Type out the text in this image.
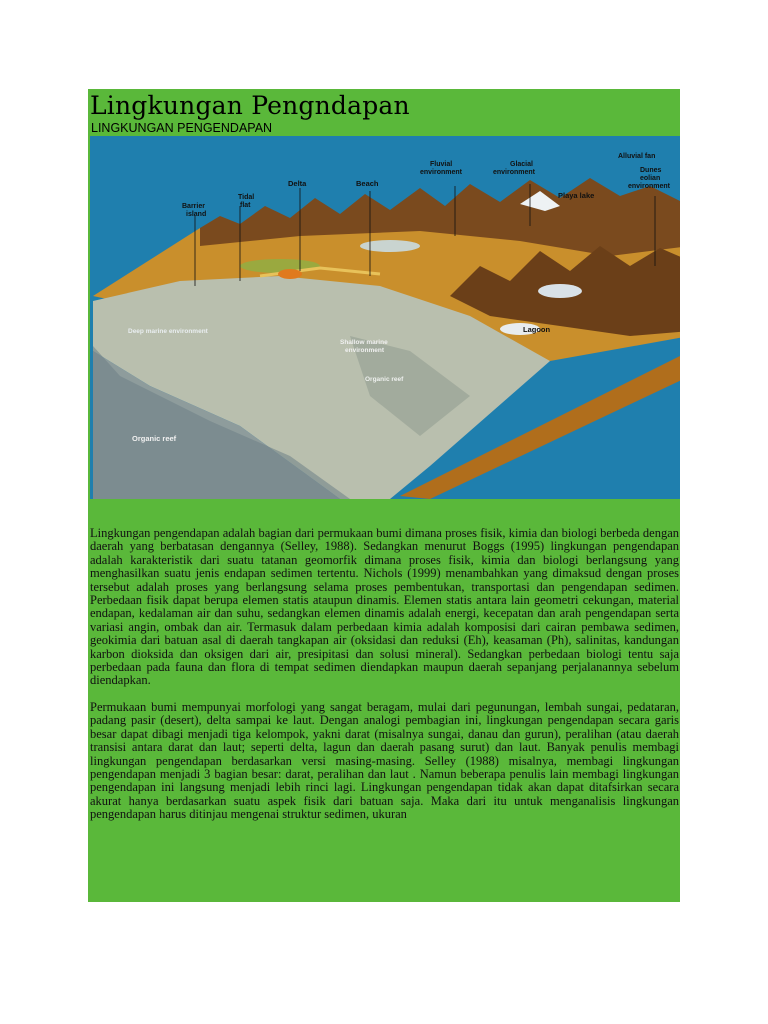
Lingkungan Pengndapan
LINGKUNGAN PENGENDAPAN
Barrier island
Tidal flat
Delta	Beach
Fluvial environment
Glacial environment
Alluvial fan
Dunes eolian environment
Playa lake
Lagoon
Deep marine environment
Shallow marine environment
Organic reef
Organic reef

Lingkungan pengendapan adalah bagian dari permukaan bumi dimana proses fisik, kimia dan biologi berbeda dengan daerah yang berbatasan dengannya (Selley, 1988). Sedangkan menurut Boggs (1995) lingkungan pengendapan adalah karakteristik dari suatu tatanan geomorfik dimana proses fisik, kimia dan biologi berlangsung yang menghasilkan suatu jenis endapan sedimen tertentu. Nichols (1999) menambahkan yang dimaksud dengan proses tersebut adalah proses yang berlangsung selama proses pembentukan, transportasi dan pengendapan sedimen. Perbedaan fisik dapat berupa elemen statis ataupun dinamis. Elemen statis antara lain geometri cekungan, material endapan, kedalaman air dan suhu, sedangkan elemen dinamis adalah energi, kecepatan dan arah pengendapan serta variasi angin, ombak dan air. Termasuk dalam perbedaan kimia adalah komposisi dari cairan pembawa sedimen, geokimia dari batuan asal di daerah tangkapan air (oksidasi dan reduksi (Eh), keasaman (Ph), salinitas, kandungan karbon dioksida dan oksigen dari air, presipitasi dan solusi mineral). Sedangkan perbedaan biologi tentu saja perbedaan pada fauna dan flora di tempat sedimen diendapkan maupun daerah sepanjang perjalanannya sebelum diendapkan.

Permukaan bumi mempunyai morfologi yang sangat beragam, mulai dari pegunungan, lembah sungai, pedataran, padang pasir (desert), delta sampai ke laut. Dengan analogi pembagian ini, lingkungan pengendapan secara garis besar dapat dibagi menjadi tiga kelompok, yakni darat (misalnya sungai, danau dan gurun), peralihan (atau daerah transisi antara darat dan laut; seperti delta, lagun dan daerah pasang surut) dan laut. Banyak penulis membagi lingkungan pengendapan berdasarkan versi masing-masing. Selley (1988) misalnya, membagi lingkungan pengendapan menjadi 3 bagian besar: darat, peralihan dan laut . Namun beberapa penulis lain membagi lingkungan pengendapan ini langsung menjadi lebih rinci lagi. Lingkungan pengendapan tidak akan dapat ditafsirkan secara akurat hanya berdasarkan suatu aspek fisik dari batuan saja. Maka dari itu untuk menganalisis lingkungan pengendapan harus ditinjau mengenai struktur sedimen, ukuran
